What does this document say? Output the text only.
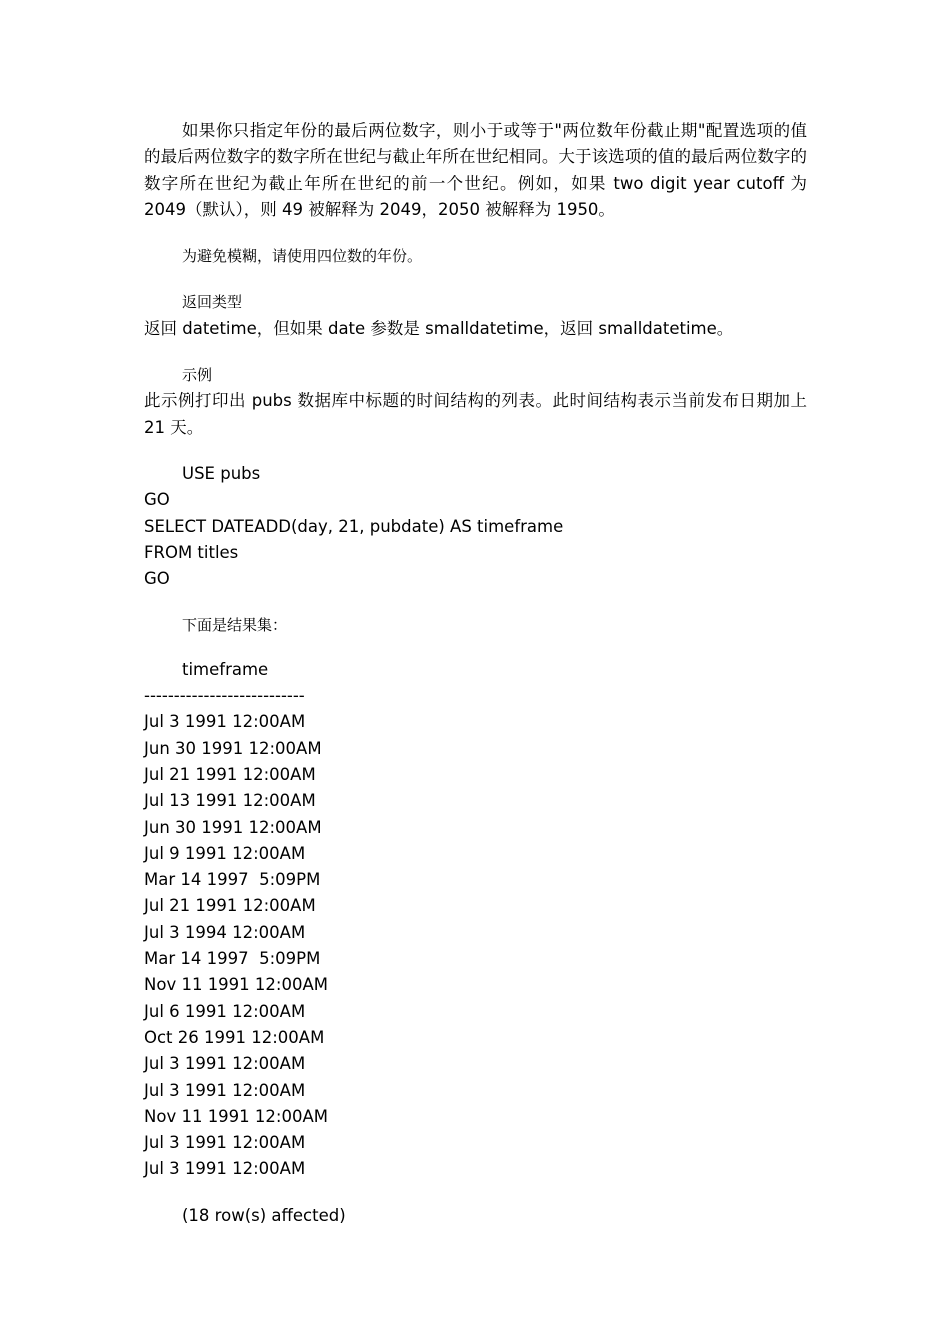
如果你只指定年份的最后两位数字，则小于或等于"两位数年份截止期"配置选项的值的最后两位数字的数字所在世纪与截止年所在世纪相同。大于该选项的值的最后两位数字的数字所在世纪为截止年所在世纪的前一个世纪。例如，如果 two digit year cutoff 为 2049（默认），则 49 被解释为 2049，2050 被解释为 1950。

为避免模糊，请使用四位数的年份。

返回类型

返回 datetime，但如果 date 参数是 smalldatetime，返回 smalldatetime。

示例

此示例打印出 pubs 数据库中标题的时间结构的列表。此时间结构表示当前发布日期加上 21 天。

USE pubs

GO

SELECT DATEADD(day, 21, pubdate) AS timeframe

FROM titles

GO

下面是结果集：

timeframe

---------------------------

Jul 3 1991 12:00AM

Jun 30 1991 12:00AM

Jul 21 1991 12:00AM

Jul 13 1991 12:00AM

Jun 30 1991 12:00AM

Jul 9 1991 12:00AM

Mar 14 1997  5:09PM

Jul 21 1991 12:00AM

Jul 3 1994 12:00AM

Mar 14 1997  5:09PM

Nov 11 1991 12:00AM

Jul 6 1991 12:00AM

Oct 26 1991 12:00AM

Jul 3 1991 12:00AM

Jul 3 1991 12:00AM

Nov 11 1991 12:00AM

Jul 3 1991 12:00AM

Jul 3 1991 12:00AM

(18 row(s) affected)
